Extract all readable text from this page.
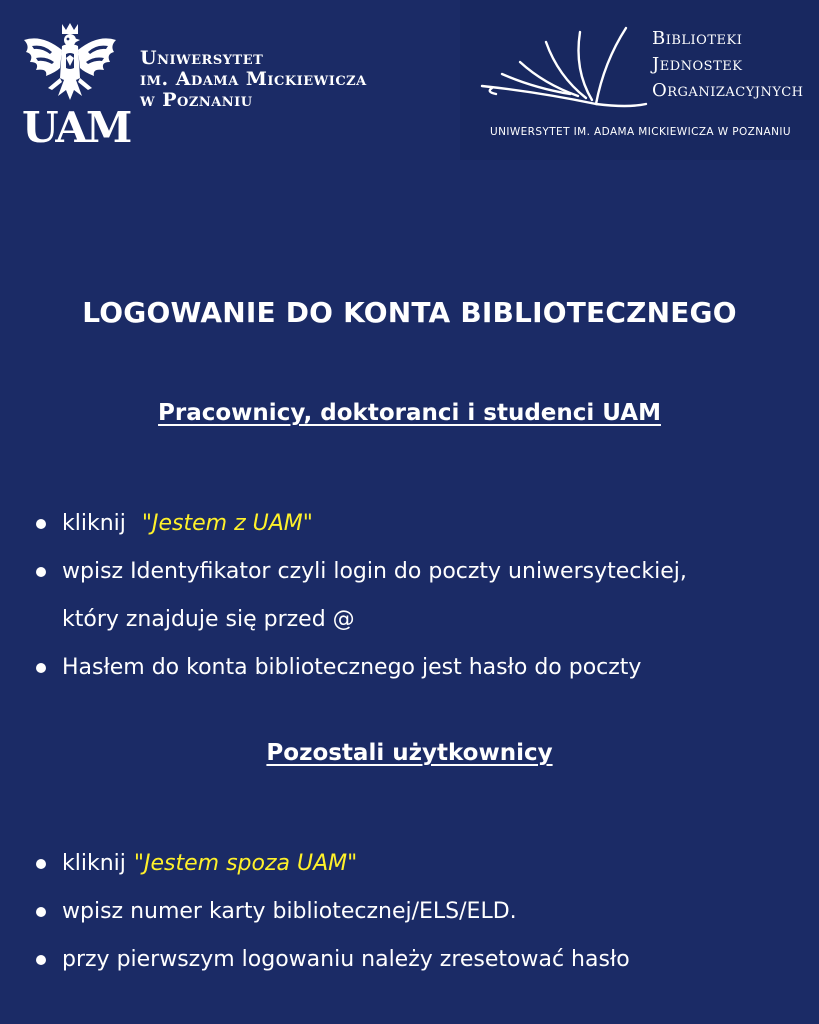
UAM
Uniwersytet
im. Adama Mickiewicza
w Poznaniu
Biblioteki
Jednostek
Organizacyjnych
UNIWERSYTET IM. ADAMA MICKIEWICZA W POZNANIU
LOGOWANIE DO KONTA BIBLIOTECZNEGO
Pracownicy, doktoranci i studenci UAM
kliknij "Jestem z UAM"
wpisz Identyfikator czyli login do poczty uniwersyteckiej,
który znajduje się przed @
Hasłem do konta bibliotecznego jest hasło do poczty
Pozostali użytkownicy
kliknij "Jestem spoza UAM"
wpisz numer karty bibliotecznej/ELS/ELD.
przy pierwszym logowaniu należy zresetować hasło
